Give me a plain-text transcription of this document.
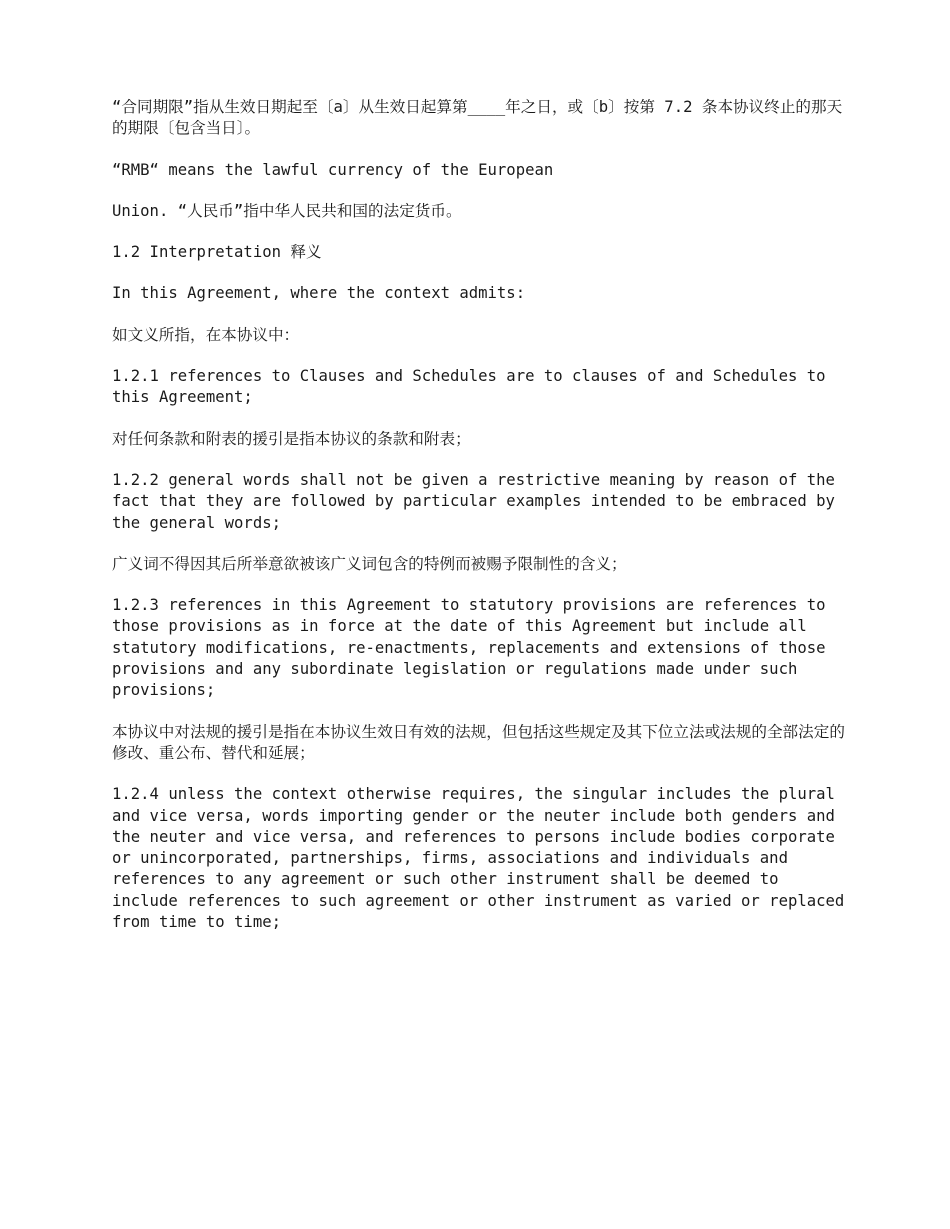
“合同期限”指从生效日期起至〔a〕从生效日起算第____年之日，或〔b〕按第 7.2 条本协议终止的那天的期限〔包含当日〕。

“RMB“ means the lawful currency of the European

Union. “人民币”指中华人民共和国的法定货币。

1.2 Interpretation 释义

In this Agreement, where the context admits:

如文义所指，在本协议中：

1.2.1 references to Clauses and Schedules are to clauses of and Schedules to this Agreement;

对任何条款和附表的援引是指本协议的条款和附表；

1.2.2 general words shall not be given a restrictive meaning by reason of the fact that they are followed by particular examples intended to be embraced by the general words;

广义词不得因其后所举意欲被该广义词包含的特例而被赐予限制性的含义；

1.2.3 references in this Agreement to statutory provisions are references to those provisions as in force at the date of this Agreement but include all statutory modifications, re-enactments, replacements and extensions of those provisions and any subordinate legislation or regulations made under such provisions;

本协议中对法规的援引是指在本协议生效日有效的法规，但包括这些规定及其下位立法或法规的全部法定的修改、重公布、替代和延展；

1.2.4 unless the context otherwise requires, the singular includes the plural and vice versa, words importing gender or the neuter include both genders and the neuter and vice versa, and references to persons include bodies corporate or unincorporated, partnerships, firms, associations and individuals and references to any agreement or such other instrument shall be deemed to include references to such agreement or other instrument as varied or replaced from time to time;
